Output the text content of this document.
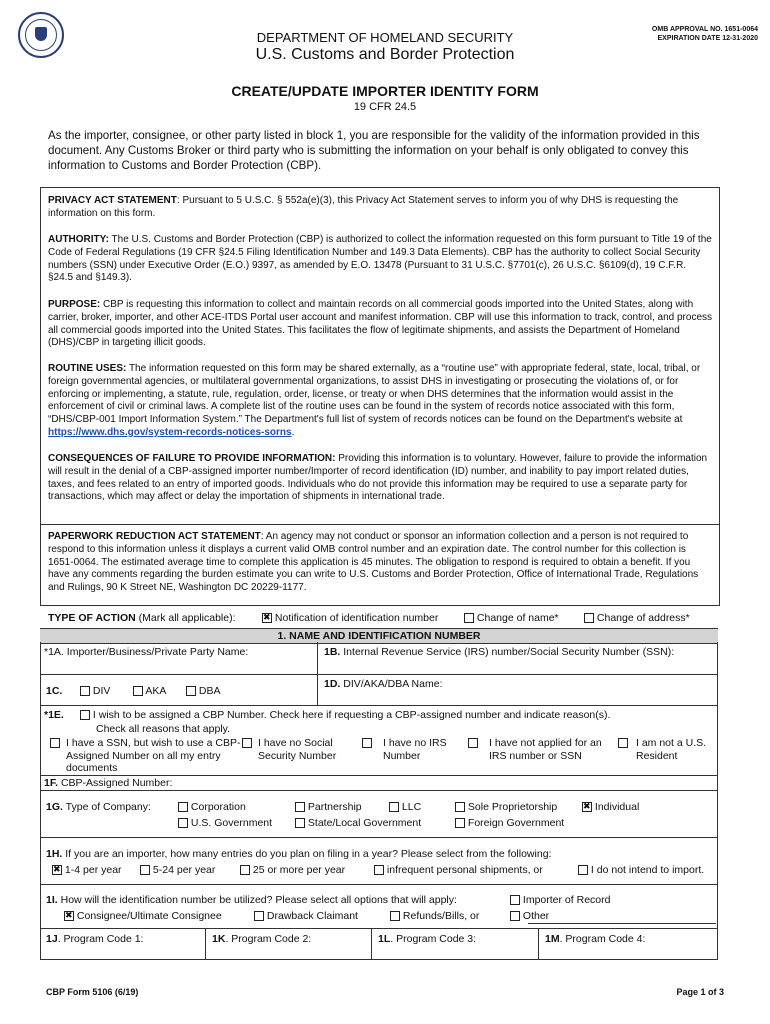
DEPARTMENT OF HOMELAND SECURITY
U.S. Customs and Border Protection
OMB APPROVAL NO. 1651-0064
EXPIRATION DATE 12-31-2020
CREATE/UPDATE IMPORTER IDENTITY FORM
19 CFR 24.5
As the importer, consignee, or other party listed in block 1, you are responsible for the validity of the information provided in this document. Any Customs Broker or third party who is submitting the information on your behalf is only obligated to convey this information to Customs and Border Protection (CBP).
PRIVACY ACT STATEMENT: Pursuant to 5 U.S.C. § 552a(e)(3), this Privacy Act Statement serves to inform you of why DHS is requesting the information on this form.
AUTHORITY: The U.S. Customs and Border Protection (CBP) is authorized to collect the information requested on this form pursuant to Title 19 of the Code of Federal Regulations (19 CFR §24.5 Filing Identification Number and 149.3 Data Elements). CBP has the authority to collect Social Security numbers (SSN) under Executive Order (E.O.) 9397, as amended by E.O. 13478 (Pursuant to 31 U.S.C. §7701(c), 26 U.S.C. §6109(d), 19 C.F.R. §24.5 and §149.3).
PURPOSE: CBP is requesting this information to collect and maintain records on all commercial goods imported into the United States, along with carrier, broker, importer, and other ACE-ITDS Portal user account and manifest information. CBP will use this information to track, control, and process all commercial goods imported into the United States. This facilitates the flow of legitimate shipments, and assists the Department of Homeland (DHS)/CBP in targeting illicit goods.
ROUTINE USES: The information requested on this form may be shared externally, as a “routine use” with appropriate federal, state, local, tribal, or foreign governmental agencies, or multilateral governmental organizations, to assist DHS in investigating or prosecuting the violations of, or for enforcing or implementing, a statute, rule, regulation, order, license, or treaty or when DHS determines that the information would assist in the enforcement of civil or criminal laws. A complete list of the routine uses can be found in the system of records notice associated with this form, “DHS/CBP-001 Import Information System.” The Department's full list of system of records notices can be found on the Department's website at https://www.dhs.gov/system-records-notices-sorns.
CONSEQUENCES OF FAILURE TO PROVIDE INFORMATION: Providing this information is to voluntary. However, failure to provide the information will result in the denial of a CBP-assigned importer number/Importer of record identification (ID) number, and inability to pay import related duties, taxes, and fees related to an entry of imported goods. Individuals who do not provide this information may be required to use a separate party for transactions, which may affect or delay the importation of shipments in international trade.
PAPERWORK REDUCTION ACT STATEMENT: An agency may not conduct or sponsor an information collection and a person is not required to respond to this information unless it displays a current valid OMB control number and an expiration date. The control number for this collection is 1651-0064. The estimated average time to complete this application is 45 minutes. The obligation to respond is required to obtain a benefit. If you have any comments regarding the burden estimate you can write to U.S. Customs and Border Protection, Office of International Trade, Regulations and Rulings, 90 K Street NE, Washington DC 20229-1177.
TYPE OF ACTION (Mark all applicable): ✖	Notification of identification number	Change of name*	Change of address*
1. NAME AND IDENTIFICATION NUMBER
*1A. Importer/Business/Private Party Name:	1B. Internal Revenue Service (IRS) number/Social Security Number (SSN):
1C.	DIV	AKA	DBA
1D. DIV/AKA/DBA Name:
*1E.	I wish to be assigned a CBP Number. Check here if requesting a CBP-assigned number and indicate reason(s).
Check all reasons that apply.
I have a SSN, but wish to use a CBP-Assigned Number on all my entry documents
I have no Social Security Number
I have no IRS Number
I have not applied for an IRS number or SSN
I am not a U.S. Resident
1F. CBP-Assigned Number:
1G. Type of Company:	Corporation	Partnership	LLC	Sole Proprietorship ✖	Individual
U.S. Government	State/Local Government	Foreign Government
1H. If you are an importer, how many entries do you plan on filing in a year? Please select from the following:
✖ 1-4 per year	5-24 per year	25 or more per year	infrequent personal shipments, or	I do not intend to import.
1I. How will the identification number be utilized? Please select all options that will apply:	Importer of Record
✖ Consignee/Ultimate Consignee	Drawback Claimant	Refunds/Bills, or	Other
1J. Program Code 1:	1K. Program Code 2:	1L. Program Code 3:	1M. Program Code 4:
CBP Form 5106 (6/19)	Page 1 of 3
